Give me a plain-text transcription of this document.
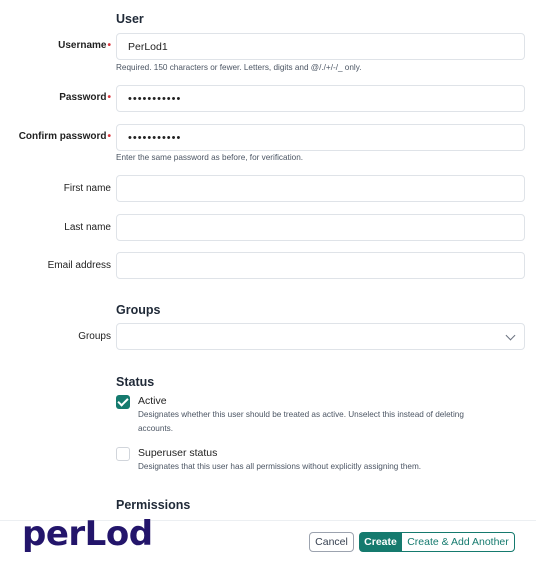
User
Username• PerLod1
Required. 150 characters or fewer. Letters, digits and @/./+/-/_ only.
Password• •••••••••••
Confirm password• •••••••••••
Enter the same password as before, for verification.
First name
Last name
Email address
Groups
Groups
Status
Active
Designates whether this user should be treated as active. Unselect this instead of deleting accounts.
Superuser status
Designates that this user has all permissions without explicitly assigning them.
Permissions
perLod	Cancel	Create Create & Add Another
